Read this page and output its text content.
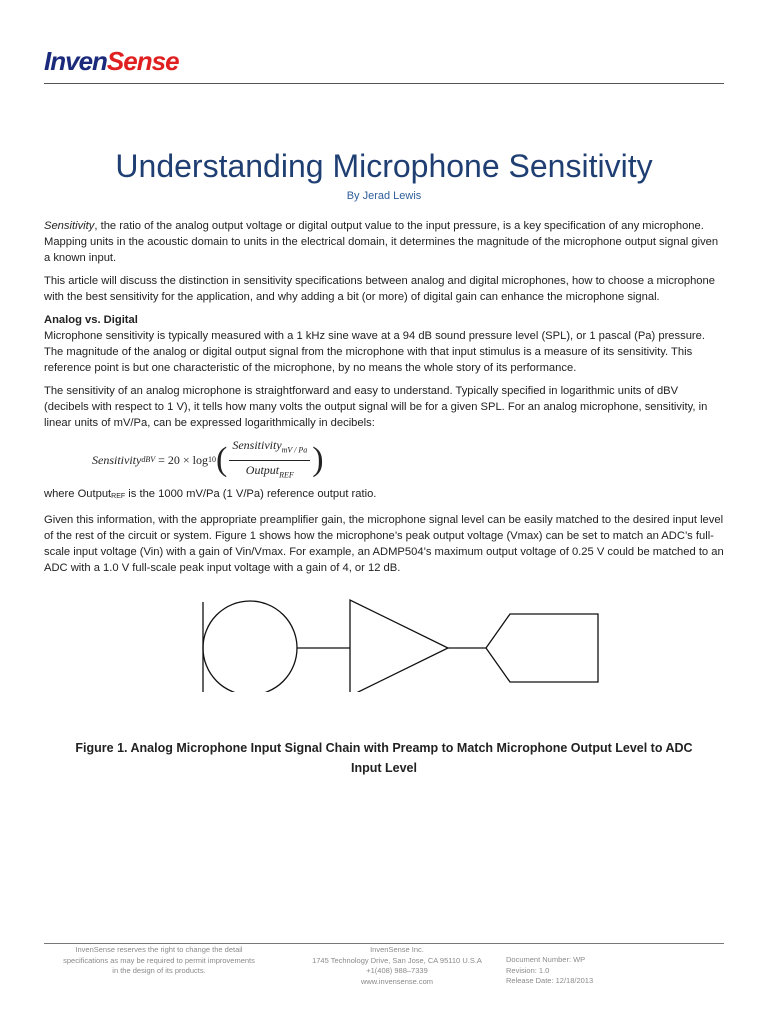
InvenSense
Understanding Microphone Sensitivity
By Jerad Lewis

Sensitivity, the ratio of the analog output voltage or digital output value to the input pressure, is a key specification of any microphone. Mapping units in the acoustic domain to units in the electrical domain, it determines the magnitude of the microphone output signal given a known input.

This article will discuss the distinction in sensitivity specifications between analog and digital microphones, how to choose a microphone with the best sensitivity for the application, and why adding a bit (or more) of digital gain can enhance the microphone signal.

Analog vs. Digital

Microphone sensitivity is typically measured with a 1 kHz sine wave at a 94 dB sound pressure level (SPL), or 1 pascal (Pa) pressure. The magnitude of the analog or digital output signal from the microphone with that input stimulus is a measure of its sensitivity. This reference point is but one characteristic of the microphone, by no means the whole story of its performance.

The sensitivity of an analog microphone is straightforward and easy to understand. Typically specified in logarithmic units of dBV (decibels with respect to 1 V), it tells how many volts the output signal will be for a given SPL. For an analog microphone, sensitivity, in linear units of mV/Pa, can be expressed logarithmically in decibels:

Sensitivity dBV = 20 × log 10 ( $\frac{Sensitivity_{mV / Pa}}{Output_{REF}}$ )

where OutputREF is the 1000 mV/Pa (1 V/Pa) reference output ratio.

Given this information, with the appropriate preamplifier gain, the microphone signal level can be easily matched to the desired input level of the rest of the circuit or system. Figure 1 shows how the microphone’s peak output voltage (Vmax) can be set to match an ADC’s full-scale input voltage (Vin) with a gain of Vin/Vmax. For example, an ADMP504’s maximum output voltage of 0.25 V could be matched to an ADC with a 1.0 V full-scale peak input voltage with a gain of 4, or 12 dB.

Figure 1. Analog Microphone Input Signal Chain with Preamp to Match Microphone Output Level to ADC Input Level
InvenSense reserves the right to change the detail
specifications as may be required to permit improvements
in the design of its products.
InvenSense Inc.
1745 Technology Drive, San Jose, CA 95110 U.S.A
+1(408) 988–7339
www.invensense.com
Document Number: WP
Revision: 1.0
Release Date: 12/18/2013
